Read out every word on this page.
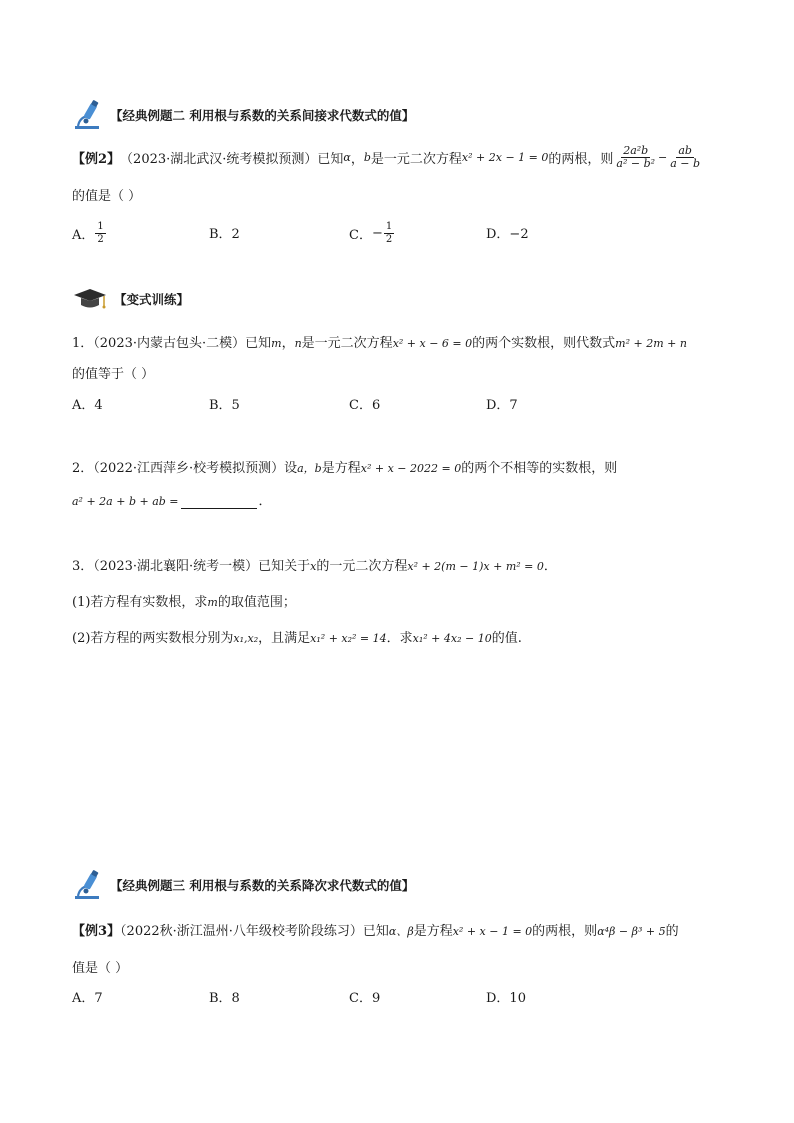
【经典例题二 利用根与系数的关系间接求代数式的值】
【例2】 （2023·湖北武汉·统考模拟预测）已知 α ， b 是一元二次方程 x² + 2x − 1 = 0 的两根，则 $\frac{\text{2a²b}}{\text{a² − b²}} - \frac{ab}{a - b}$
的值是（ ）
A． $\frac{1}{2}$	B．2	C． − $\frac{1}{2}$	D．−2
【变式训练】
1．（2023·内蒙古包头·二模）已知m，n是一元二次方程x² + x − 6 = 0的两个实数根，则代数式m² + 2m + n
的值等于（ ）
A．4	B．5	C．6	D．7
2．（2022·江西萍乡·校考模拟预测）设a，b是方程x² + x − 2022 = 0的两个不相等的实数根，则
a² + 2a + b + ab =	．
3．（2023·湖北襄阳·统考一模）已知关于x的一元二次方程x² + 2(m − 1)x + m² = 0．
(1)若方程有实数根，求m的取值范围；
(2)若方程的两实数根分别为x₁,x₂，且满足x₁² + x₂² = 14．求x₁² + 4x₂ − 10的值.
【经典例题三 利用根与系数的关系降次求代数式的值】
【例3】（2022秋·浙江温州·八年级校考阶段练习）已知α、β是方程x² + x − 1 = 0的两根，则α⁴β − β³ + 5的
值是（ ）
A．7	B．8	C．9	D．10
